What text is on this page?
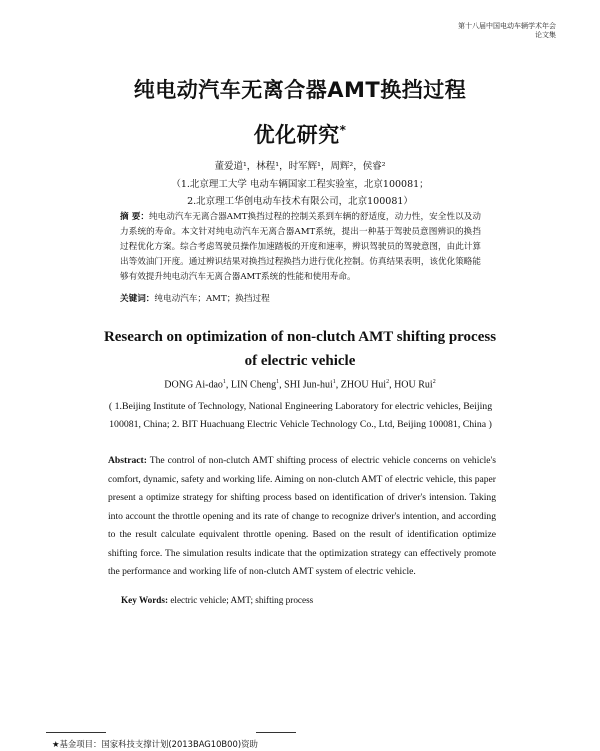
第十八届中国电动车辆学术年会
论文集
纯电动汽车无离合器AMT换挡过程
优化研究*
董爱道¹，林程¹，时军辉¹，周辉²，侯睿²
（1.北京理工大学 电动车辆国家工程实验室，北京100081；
2.北京理工华创电动车技术有限公司，北京100081）
摘 要：纯电动汽车无离合器AMT换挡过程的控制关系到车辆的舒适度，动力性，安全性以及动力系统的寿命。本文针对纯电动汽车无离合器AMT系统，提出一种基于驾驶员意图辨识的换挡过程优化方案。综合考虑驾驶员操作加速踏板的开度和速率，辨识驾驶员的驾驶意图，由此计算出等效油门开度。通过辨识结果对换挡过程换挡力进行优化控制。仿真结果表明，该优化策略能够有效提升纯电动汽车无离合器AMT系统的性能和使用寿命。
关键词：纯电动汽车；AMT；换挡过程
Research on optimization of non-clutch AMT shifting process
of electric vehicle
DONG Ai-dao$^1$, LIN Cheng$^1$, SHI Jun-hui$^1$, ZHOU Hui$^2$, HOU Rui$^2$
( 1.Beijing Institute of Technology, National Engineering Laboratory for electric vehicles, Beijing 100081, China; 2. BIT Huachuang Electric Vehicle Technology Co., Ltd, Beijing 100081, China )
Abstract: The control of non-clutch AMT shifting process of electric vehicle concerns on vehicle's comfort, dynamic, safety and working life. Aiming on non-clutch AMT of electric vehicle, this paper present a optimize strategy for shifting process based on identification of driver's intension. Taking into account the throttle opening and its rate of change to recognize driver's intention, and according to the result calculate equivalent throttle opening. Based on the result of identification optimize shifting force. The simulation results indicate that the optimization strategy can effectively promote the performance and working life of non-clutch AMT system of electric vehicle.
Key Words: electric vehicle; AMT; shifting process
★基金项目：国家科技支撑计划(2013BAG10B00)资助
